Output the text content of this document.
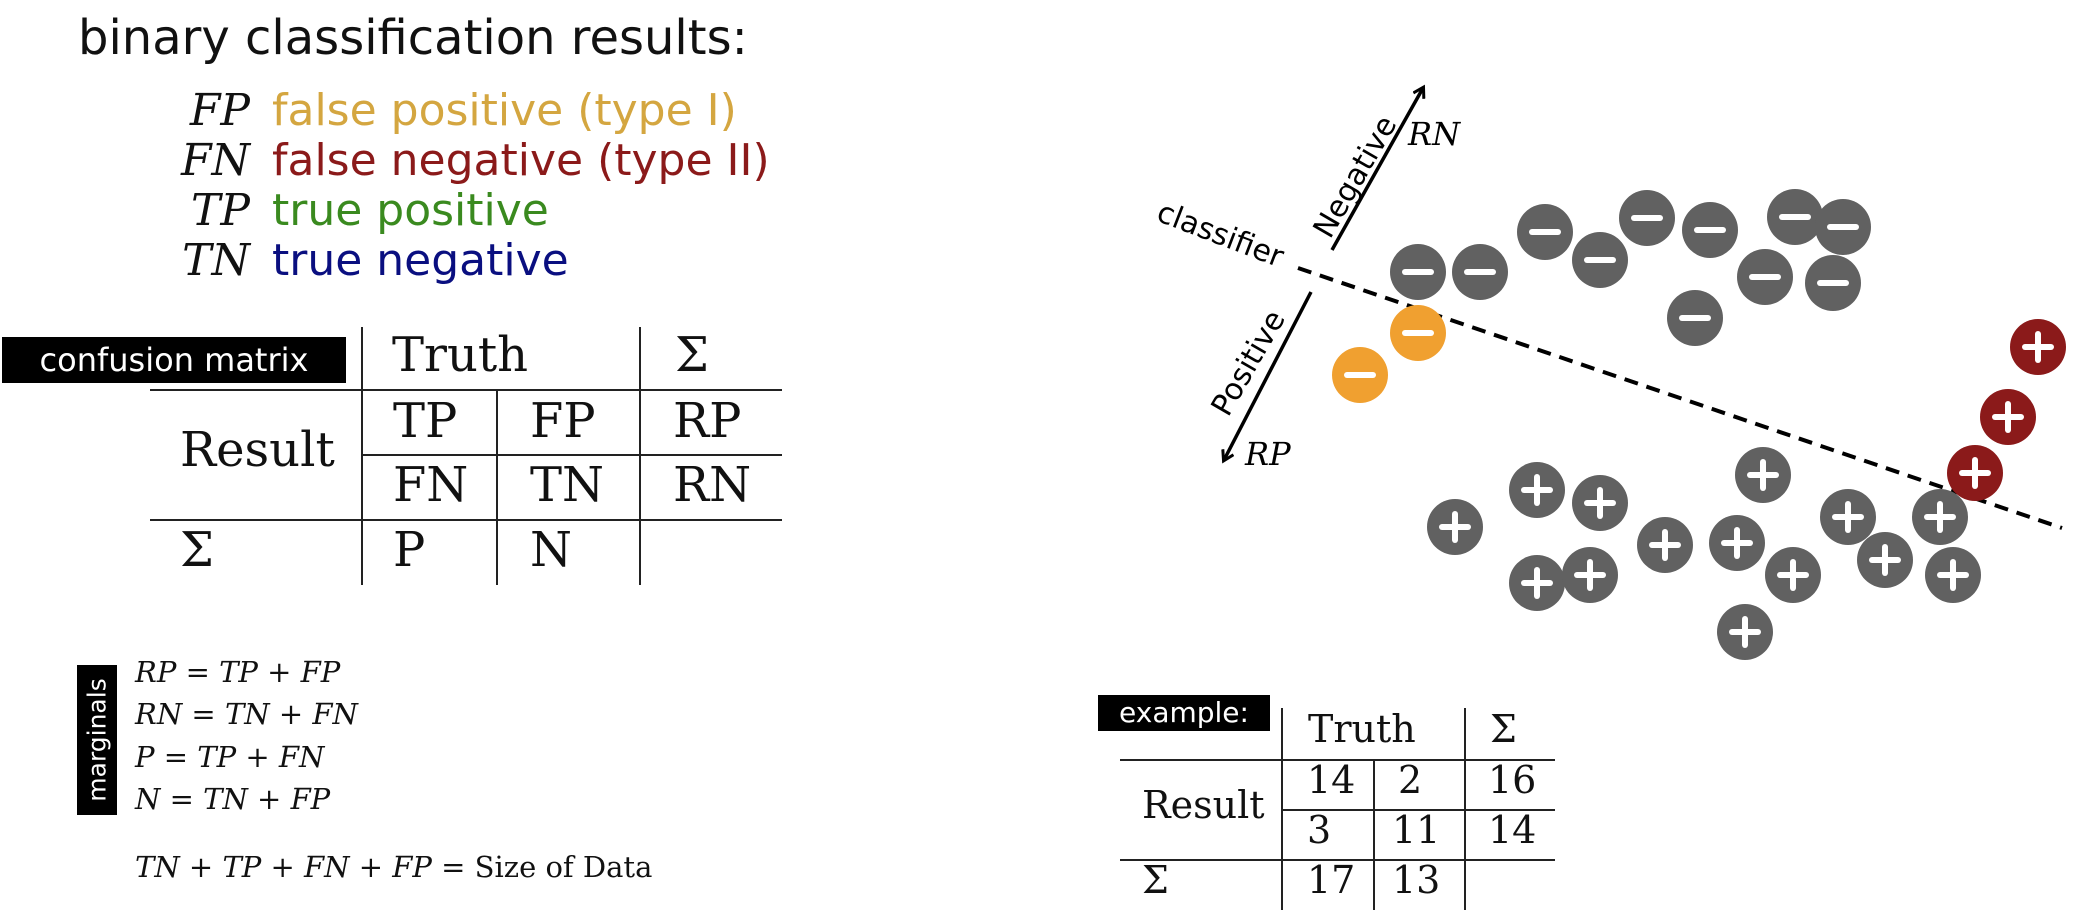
binary classification results:
FP false positive (type I)
FN false negative (type II)
TP true positive
TN true negative
confusion matrix	Truth	Σ
Result
TP FP RP
FN TN RN
Σ	P N
marginals
RP = TP + FP
RN = TN + FN
P = TP + FN
N = TN + FP
TN + TP + FN + FP = Size of Data
example:	Truth Σ
Result
14 2 16
3 11 14
Σ	17 13
classifier Negative
Positive
RN
RP
